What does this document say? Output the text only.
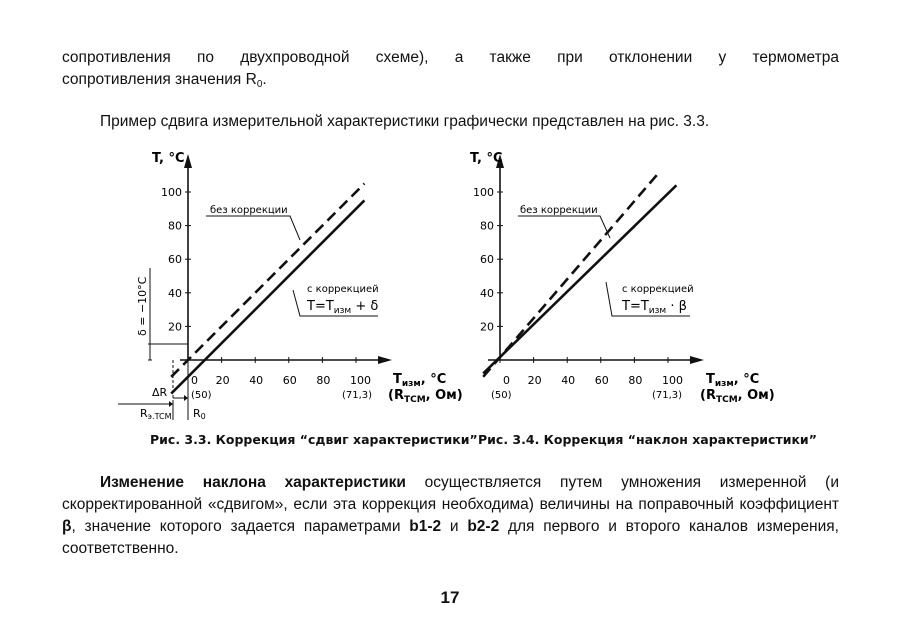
сопротивления по двухпроводной схеме), а также при отклонении у термометра
сопротивления значения $R_0$.
Пример сдвига измерительной характеристики графически представлен на рис. 3.3.
100
80
60
40
20
0 20 40 60 80 100
T, °C
без коррекции
с коррекцией
$T=T_{изм} + \delta$
δ = −10°C
ΔR
Rэ.TCM R0
(50)	(71,3)
$T_{изм}$, °C
($R_{TCM}$, Ом)
100
80
60
40
20
0 20 40 60 80 100
T, °C
без коррекции
с коррекцией
$T=T_{изм} \cdot \beta$
(50)	(71,3)
$T_{изм}$, °C
($R_{TCM}$, Ом)
Рис. 3.3. Коррекция “сдвиг характеристики” Рис. 3.4. Коррекция “наклон характеристики”
Изменение наклона характеристики осуществляется путем умножения измеренной (и скорректированной «сдвигом», если эта коррекция необходима) величины на поправочный коэффициент β, значение которого задается параметрами b1-2 и b2-2 для первого и второго каналов измерения, соответственно.
17
